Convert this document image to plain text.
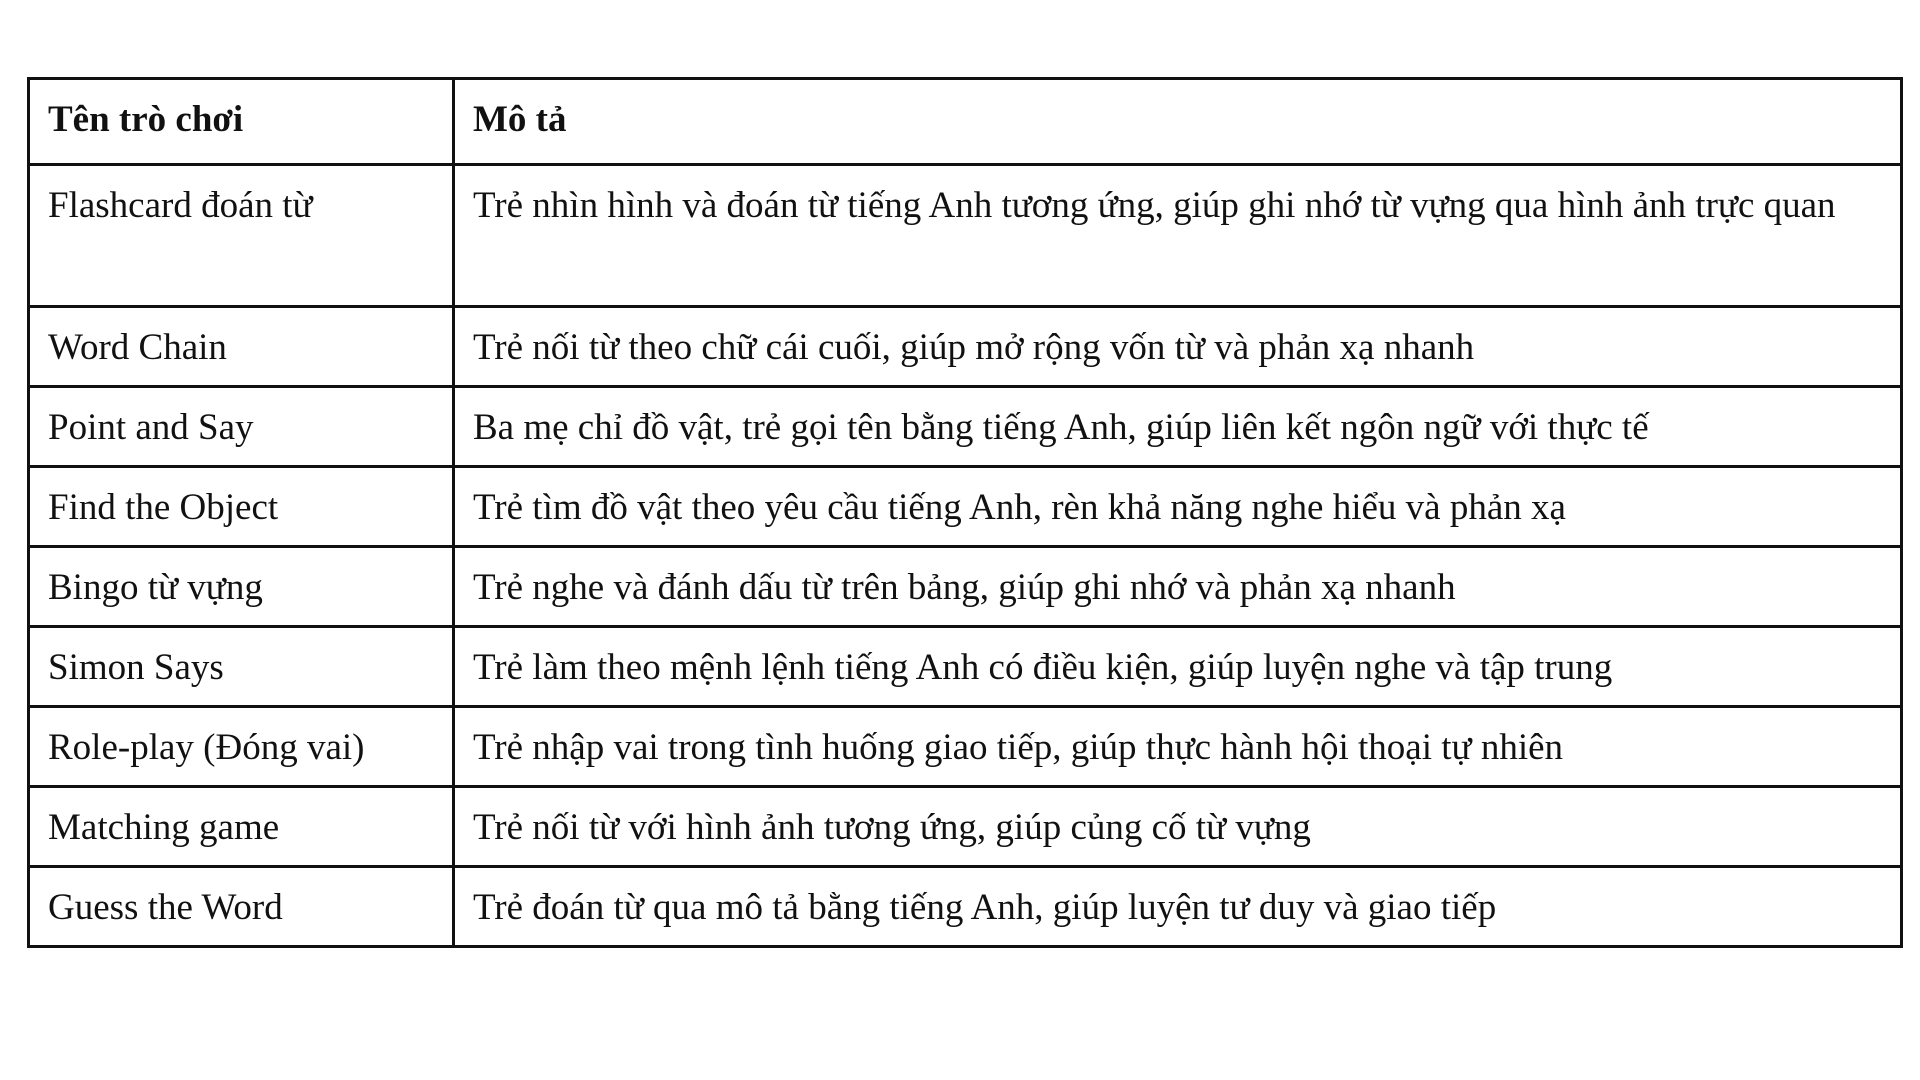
Tên trò chơi	Mô tả
Flashcard đoán từ	Trẻ nhìn hình và đoán từ tiếng Anh tương ứng, giúp ghi nhớ từ vựng qua hình ảnh trực quan
Word Chain	Trẻ nối từ theo chữ cái cuối, giúp mở rộng vốn từ và phản xạ nhanh
Point and Say	Ba mẹ chỉ đồ vật, trẻ gọi tên bằng tiếng Anh, giúp liên kết ngôn ngữ với thực tế
Find the Object	Trẻ tìm đồ vật theo yêu cầu tiếng Anh, rèn khả năng nghe hiểu và phản xạ
Bingo từ vựng	Trẻ nghe và đánh dấu từ trên bảng, giúp ghi nhớ và phản xạ nhanh
Simon Says	Trẻ làm theo mệnh lệnh tiếng Anh có điều kiện, giúp luyện nghe và tập trung
Role-play (Đóng vai)	Trẻ nhập vai trong tình huống giao tiếp, giúp thực hành hội thoại tự nhiên
Matching game	Trẻ nối từ với hình ảnh tương ứng, giúp củng cố từ vựng
Guess the Word	Trẻ đoán từ qua mô tả bằng tiếng Anh, giúp luyện tư duy và giao tiếp
